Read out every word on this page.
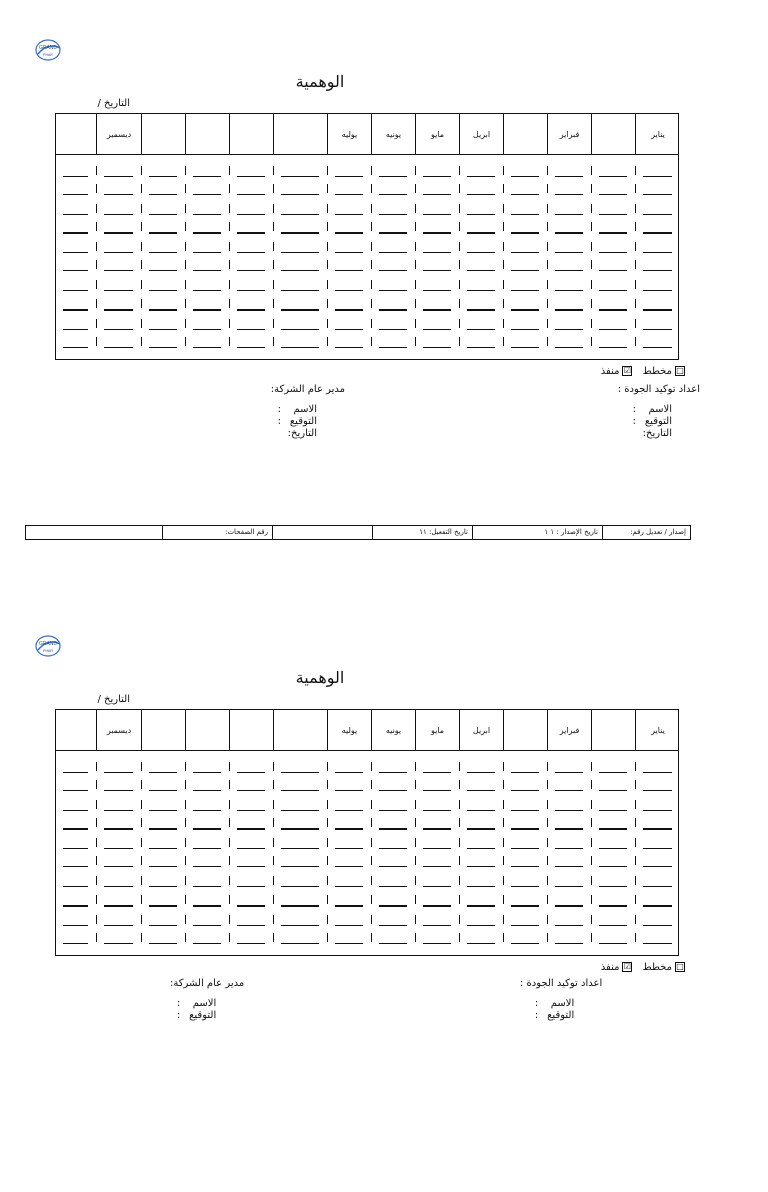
GRAND
PHAR
الوهمية
التاريخ /
يناير
فبراير
ابريل
مايو
يونيه
يوليه
ديسمبر
□مخطط
☑منفذ
اعداد توكيد الجودة :
الاسم:
التوقيع:
التاريخ:
مدير عام الشركة:
الاسم:
التوقيع:
التاريخ:
إصدار / تعديل رقم:
تاريخ الإصدار : ١ ١
تاريخ التفعيل: ١١
رقم الصفحات:
GRAND
PHAR
الوهمية
التاريخ /
يناير
فبراير
ابريل
مايو
يونيه
يوليه
ديسمبر
□مخطط
☑منفذ
اعداد توكيد الجودة :
الاسم:
التوقيع:
مدير عام الشركة:
الاسم:
التوقيع:
